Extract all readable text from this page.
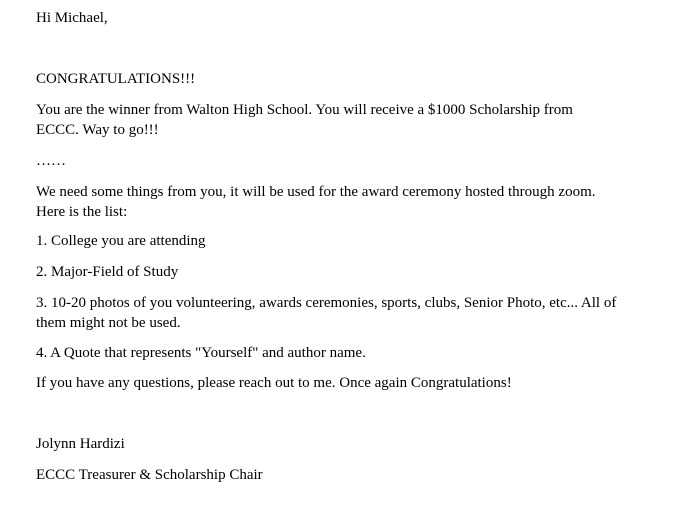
Hi Michael,
CONGRATULATIONS!!!
You are the winner from Walton High School. You will receive a $1000 Scholarship from
ECCC. Way to go!!!
……
We need some things from you, it will be used for the award ceremony hosted through zoom.
Here is the list:
1. College you are attending
2. Major-Field of Study
3. 10-20 photos of you volunteering, awards ceremonies, sports, clubs, Senior Photo, etc... All of
them might not be used.
4. A Quote that represents "Yourself" and author name.
If you have any questions, please reach out to me. Once again Congratulations!
Jolynn Hardizi
ECCC Treasurer & Scholarship Chair
